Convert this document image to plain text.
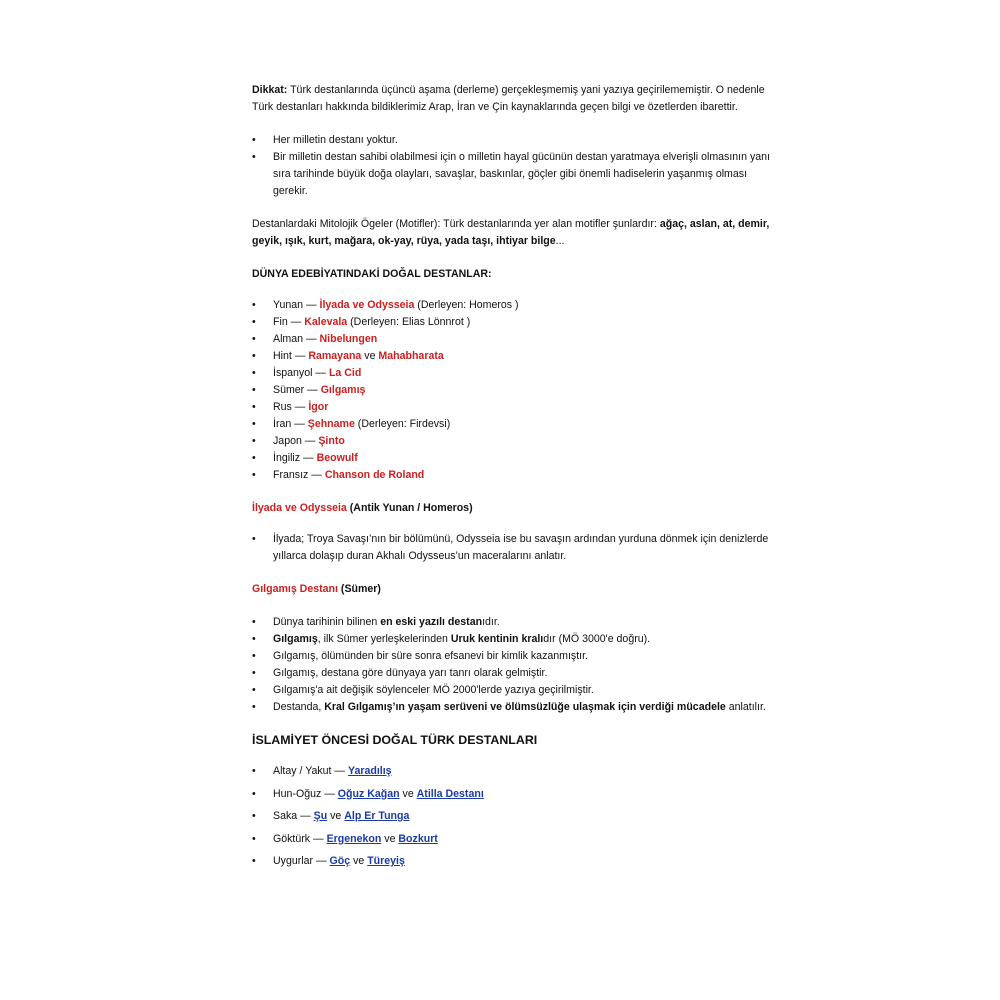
Dikkat: Türk destanlarında üçüncü aşama (derleme) gerçekleşmemiş yani yazıya geçirilememiştir. O nedenle Türk destanları hakkında bildiklerimiz Arap, İran ve Çin kaynaklarında geçen bilgi ve özetlerden ibarettir.

• Her milletin destanı yoktur.
• Bir milletin destan sahibi olabilmesi için o milletin hayal gücünün destan yaratmaya elverişli olmasının yanı sıra tarihinde büyük doğa olayları, savaşlar, baskınlar, göçler gibi önemli hadiselerin yaşanmış olması gerekir.

Destanlardaki Mitolojik Ögeler (Motifler): Türk destanlarında yer alan motifler şunlardır: ağaç, aslan, at, demir, geyik, ışık, kurt, mağara, ok-yay, rüya, yada taşı, ihtiyar bilge...

DÜNYA EDEBİYATINDAKİ DOĞAL DESTANLAR:

• Yunan — İlyada ve Odysseia (Derleyen: Homeros )
• Fin — Kalevala (Derleyen: Elias Lönnrot )
• Alman — Nibelungen
• Hint — Ramayana ve Mahabharata
• İspanyol — La Cid
• Sümer — Gılgamış
• Rus — İgor
• İran — Şehname (Derleyen: Firdevsi)
• Japon — Şinto
• İngiliz — Beowulf
• Fransız — Chanson de Roland

İlyada ve Odysseia (Antik Yunan / Homeros)

• İlyada; Troya Savaşı’nın bir bölümünü, Odysseia ise bu savaşın ardından yurduna dönmek için denizlerde yıllarca dolaşıp duran Akhalı Odysseus’un maceralarını anlatır.

Gılgamış Destanı (Sümer)

• Dünya tarihinin bilinen en eski yazılı destanıdır.
• Gılgamış, ilk Sümer yerleşkelerinden Uruk kentinin kralıdır (MÖ 3000'e doğru).
• Gılgamış, ölümünden bir süre sonra efsanevi bir kimlik kazanmıştır.
• Gılgamış, destana göre dünyaya yarı tanrı olarak gelmiştir.
• Gılgamış'a ait değişik söylenceler MÖ 2000'lerde yazıya geçirilmiştir.
• Destanda, Kral Gılgamış’ın yaşam serüveni ve ölümsüzlüğe ulaşmak için verdiği mücadele anlatılır.

İSLAMİYET ÖNCESİ DOĞAL TÜRK DESTANLARI

• Altay / Yakut — Yaradılış
• Hun-Oğuz — Oğuz Kağan ve Atilla Destanı
• Saka — Şu ve Alp Er Tunga
• Göktürk — Ergenekon ve Bozkurt
• Uygurlar — Göç ve Türeyiş
